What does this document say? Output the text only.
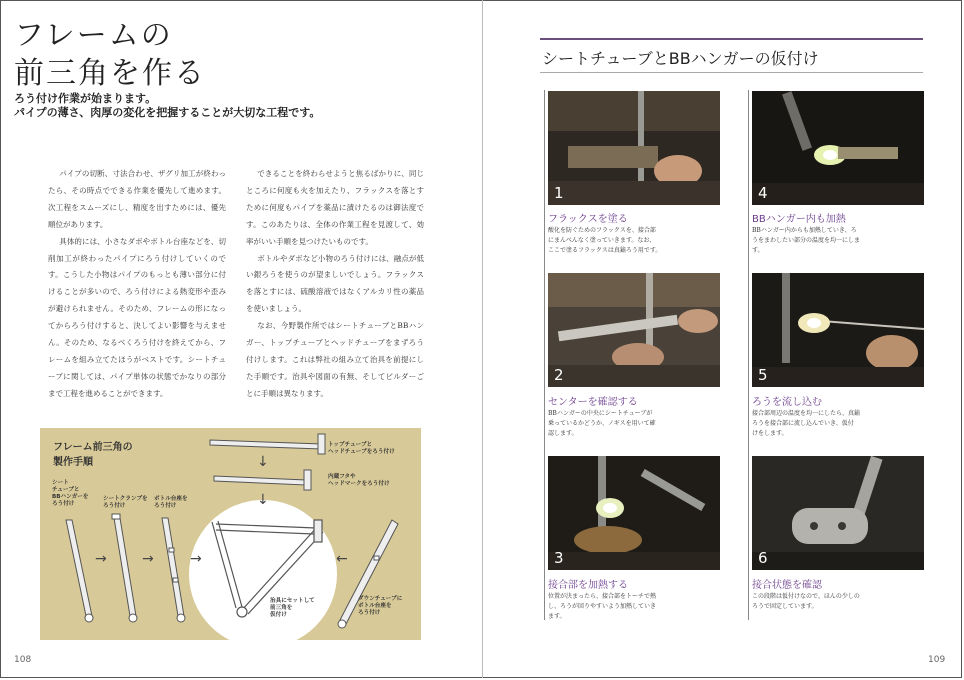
フレームの
前三角を作る
ろう付け作業が始まります。
パイプの薄さ、肉厚の変化を把握することが大切な工程です。

パイプの切断、寸法合わせ、ザグリ加工が終わったら、その時点でできる作業を優先して進めます。次工程をスムーズにし、精度を出すためには、優先順位があります。

具体的には、小さなダボやボトル台座などを、切削加工が終わったパイプにろう付けしていくのです。こうした小物はパイプのもっとも薄い部分に付けることが多いので、ろう付けによる熱変形や歪みが避けられません。そのため、フレームの形になってからろう付けすると、決してよい影響を与えません。そのため、なるべくろう付けを終えてから、フレームを組み立てたほうがベストです。シートチューブに関しては、パイプ単体の状態でかなりの部分まで工程を進めることができます。

できることを終わらせようと焦るばかりに、同じところに何度も火を加えたり、フラックスを落とすために何度もパイプを薬品に漬けたるのは御法度です。このあたりは、全体の作業工程を見渡して、効率がいい手順を見つけたいものです。

ボトルやダボなど小物のろう付けには、融点が低い銀ろうを使うのが望ましいでしょう。フラックスを落とすには、硫酸溶液ではなくアルカリ性の薬品を使いましょう。

なお、今野製作所ではシートチューブとBBハンガー、トップチューブとヘッドチューブをまずろう付けします。これは弊社の組み立て治具を前提にした手順です。治具や図面の有無、そしてビルダーごとに手順は異なります。

→	→	→	←
↓
↓
フレーム前三角の
製作手順
シート
チューブと
BBハンガーを
ろう付け
シートクランプを
ろう付け
ボトル台座を
ろう付け
トップチューブと
ヘッドチューブをろう付け
内蔵フタや
ヘッドマークをろう付け
治具にセットして
前三角を
仮付け
ダウンチューブに
ボトル台座を
ろう付け
108
シートチューブとBBハンガーの仮付け
1
フラックスを塗る
酸化を防ぐためのフラックスを、接合部
にまんべんなく塗っていきます。なお、
ここで塗るフラックスは真鍮ろう用です。
2
センターを確認する
BBハンガーの中央にシートチューブが
乗っているかどうか、ノギスを用いて確
認します。
3
接合部を加熱する
位置が決まったら、接合部をトーチで熱
し、ろうが回りやすいよう加熱していき
ます。
4
BBハンガー内も加熱
BBハンガー内からも加熱していき、ろ
うをまわしたい部分の温度を均一にしま
す。
5
ろうを流し込む
接合部周辺の温度を均一にしたら、真鍮
ろうを接合部に流し込んでいき、仮付
けをします。
6
接合状態を確認
この段階は仮付けなので、ほんの少しの
ろうで固定しています。
109
